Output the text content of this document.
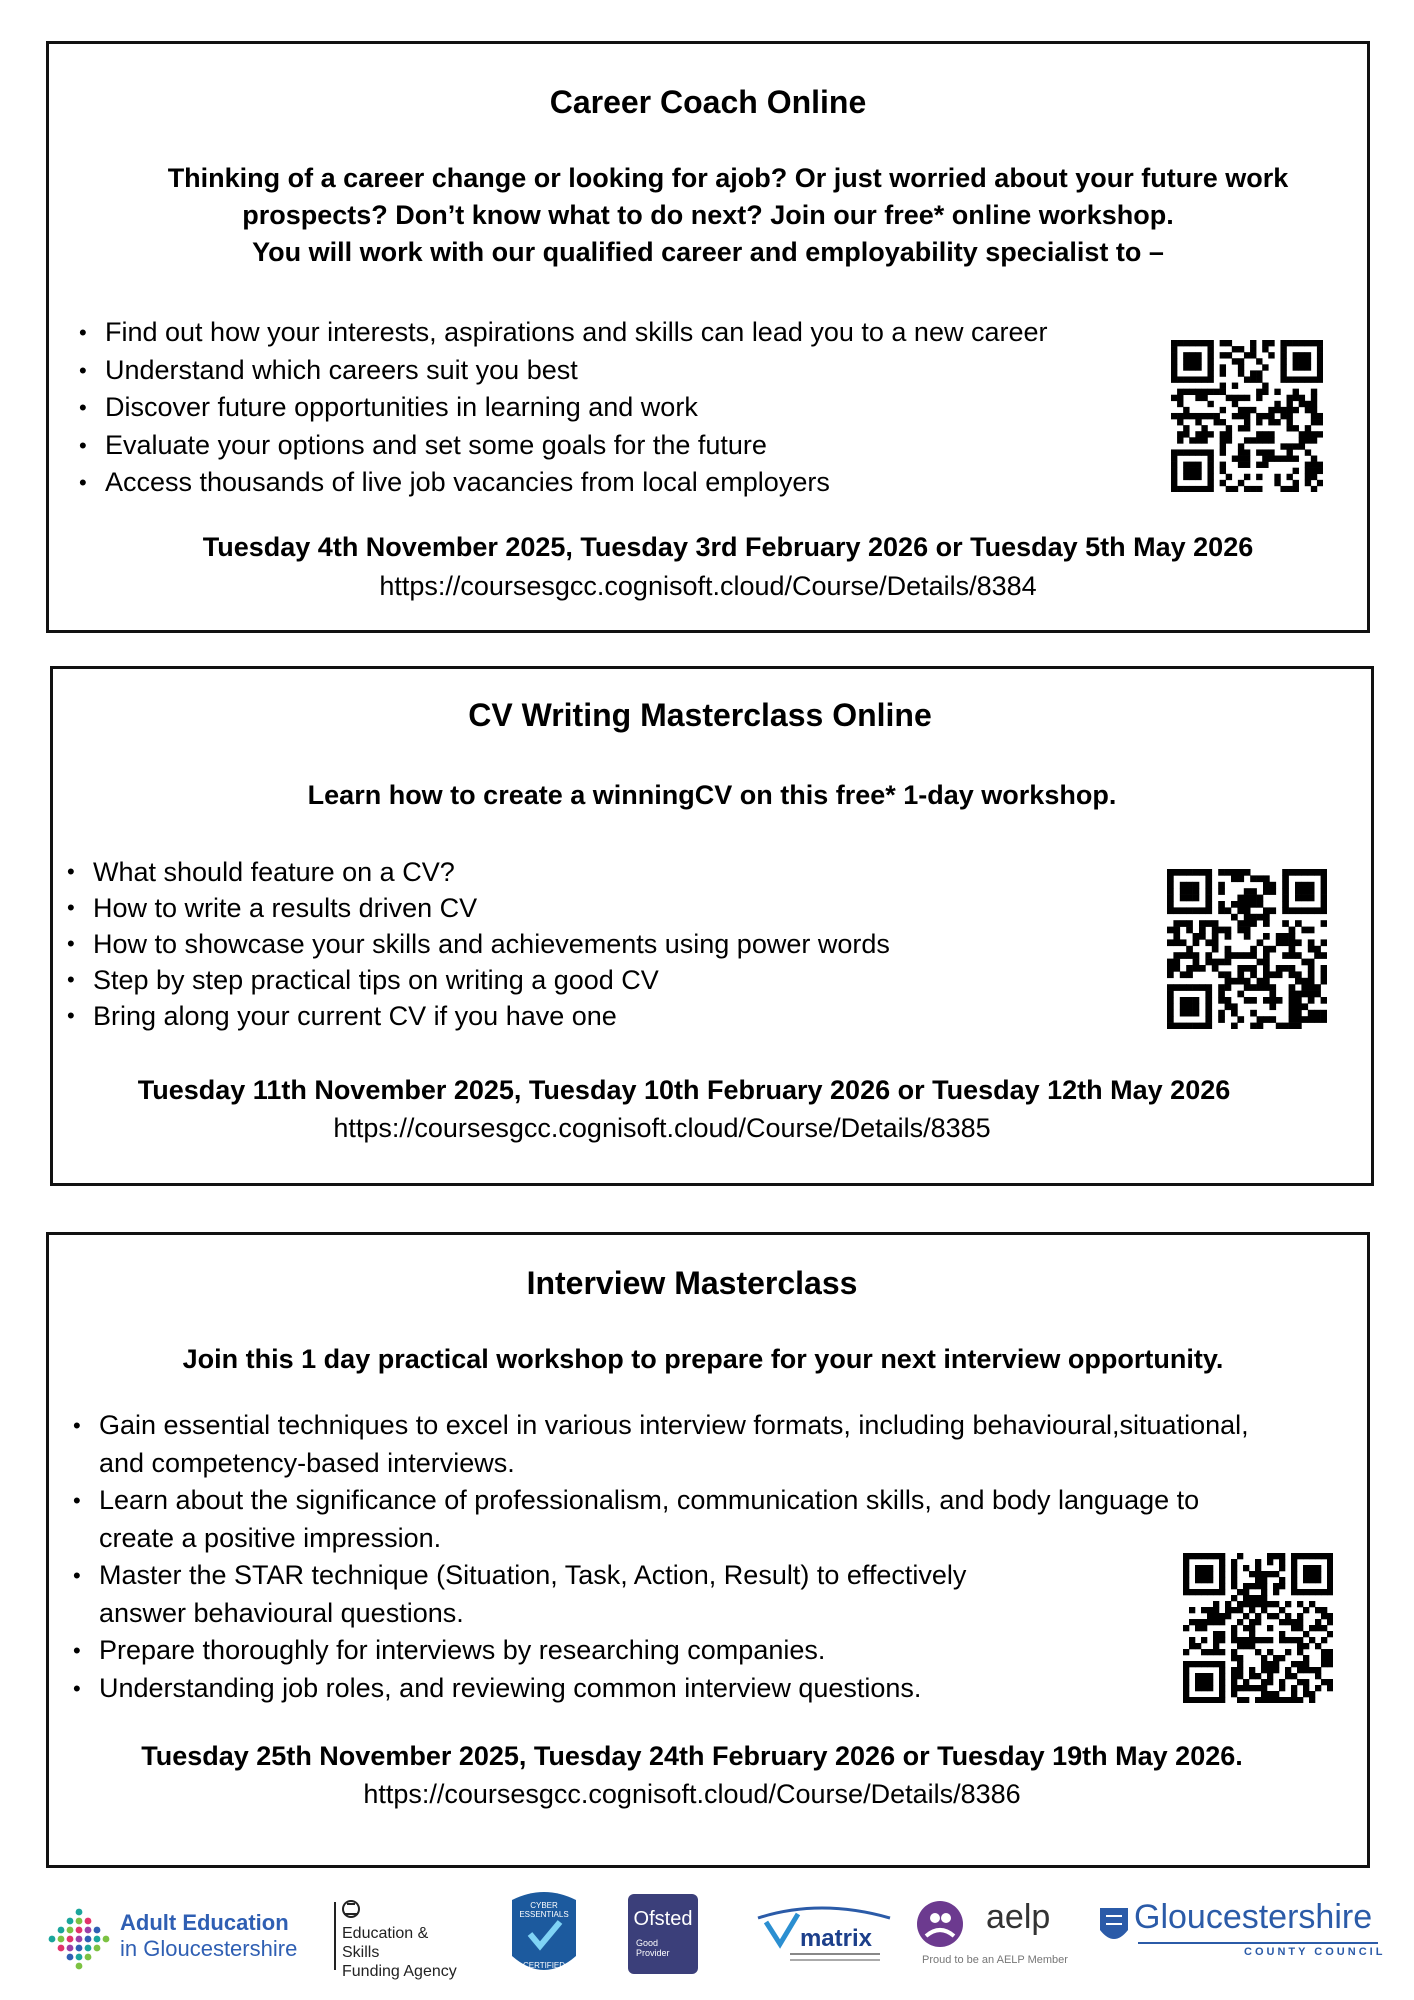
Career Coach Online
Thinking of a career change or looking for ajob? Or just worried about your future work
prospects? Don’t know what to do next? Join our free* online workshop.
You will work with our qualified career and employability specialist to –
• Find out how your interests, aspirations and skills can lead you to a new career
• Understand which careers suit you best
• Discover future opportunities in learning and work
• Evaluate your options and set some goals for the future
• Access thousands of live job vacancies from local employers
Tuesday 4th November 2025, Tuesday 3rd February 2026 or Tuesday 5th May 2026
https://coursesgcc.cognisoft.cloud/Course/Details/8384
CV Writing Masterclass Online
Learn how to create a winningCV on this free* 1-day workshop.
• What should feature on a CV?
• How to write a results driven CV
• How to showcase your skills and achievements using power words
• Step by step practical tips on writing a good CV
• Bring along your current CV if you have one
Tuesday 11th November 2025, Tuesday 10th February 2026 or Tuesday 12th May 2026
https://coursesgcc.cognisoft.cloud/Course/Details/8385
Interview Masterclass
Join this 1 day practical workshop to prepare for your next interview opportunity.
• Gain essential techniques to excel in various interview formats, including behavioural,situational,
and competency-based interviews.
• Learn about the significance of professionalism, communication skills, and body language to
create a positive impression.
• Master the STAR technique (Situation, Task, Action, Result) to effectively
answer behavioural questions.
• Prepare thoroughly for interviews by researching companies.
• Understanding job roles, and reviewing common interview questions.
Tuesday 25th November 2025, Tuesday 24th February 2026 or Tuesday 19th May 2026.
https://coursesgcc.cognisoft.cloud/Course/Details/8386
Adult Education
in Gloucestershire
Education & Skills
Funding Agency
CYBER
ESSENTIALS
CERTIFIED
Ofsted
Good
Provider
matrix
aelp
Proud to be an AELP Member
Gloucestershire
COUNTY COUNCIL
